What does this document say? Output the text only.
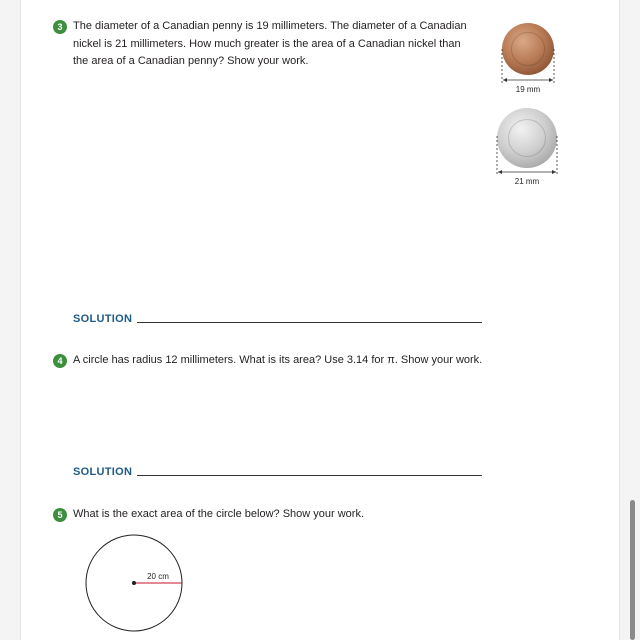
3 The diameter of a Canadian penny is 19 millimeters. The diameter of a Canadian
nickel is 21 millimeters. How much greater is the area of a Canadian nickel than
the area of a Canadian penny? Show your work.
19 mm
21 mm
SOLUTION
4 A circle has radius 12 millimeters. What is its area? Use 3.14 for π. Show your work.
SOLUTION
5 What is the exact area of the circle below? Show your work.
20 cm
